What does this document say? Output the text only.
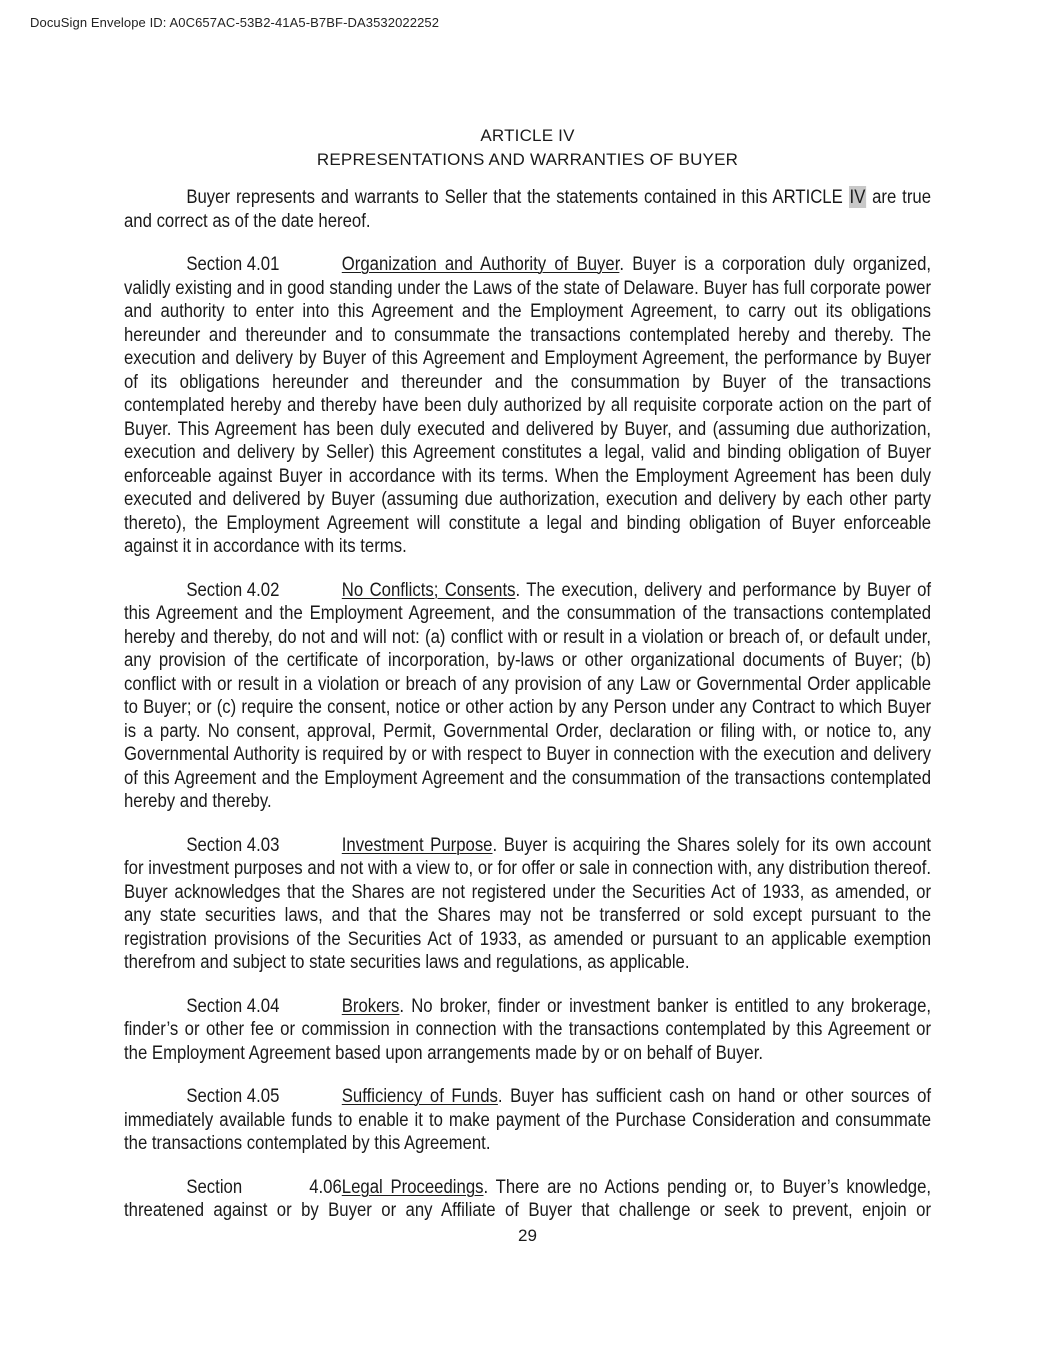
DocuSign Envelope ID: A0C657AC-53B2-41A5-B7BF-DA3532022252
ARTICLE IV
REPRESENTATIONS AND WARRANTIES OF BUYER

Buyer represents and warrants to Seller that the statements contained in this ARTICLE IV are true and correct as of the date hereof.

Section 4.01	Organization and Authority of Buyer. Buyer is a corporation duly organized, validly existing and in good standing under the Laws of the state of Delaware. Buyer has full corporate power and authority to enter into this Agreement and the Employment Agreement, to carry out its obligations hereunder and thereunder and to consummate the transactions contemplated hereby and thereby. The execution and delivery by Buyer of this Agreement and Employment Agreement, the performance by Buyer of its obligations hereunder and thereunder and the consummation by Buyer of the transactions contemplated hereby and thereby have been duly authorized by all requisite corporate action on the part of Buyer. This Agreement has been duly executed and delivered by Buyer, and (assuming due authorization, execution and delivery by Seller) this Agreement constitutes a legal, valid and binding obligation of Buyer enforceable against Buyer in accordance with its terms. When the Employment Agreement has been duly executed and delivered by Buyer (assuming due authorization, execution and delivery by each other party thereto), the Employment Agreement will constitute a legal and binding obligation of Buyer enforceable against it in accordance with its terms.

Section 4.02	No Conflicts; Consents. The execution, delivery and performance by Buyer of this Agreement and the Employment Agreement, and the consummation of the transactions contemplated hereby and thereby, do not and will not: (a) conflict with or result in a violation or breach of, or default under, any provision of the certificate of incorporation, by-laws or other organizational documents of Buyer; (b) conflict with or result in a violation or breach of any provision of any Law or Governmental Order applicable to Buyer; or (c) require the consent, notice or other action by any Person under any Contract to which Buyer is a party. No consent, approval, Permit, Governmental Order, declaration or filing with, or notice to, any Governmental Authority is required by or with respect to Buyer in connection with the execution and delivery of this Agreement and the Employment Agreement and the consummation of the transactions contemplated hereby and thereby.

Section 4.03	Investment Purpose. Buyer is acquiring the Shares solely for its own account for investment purposes and not with a view to, or for offer or sale in connection with, any distribution thereof. Buyer acknowledges that the Shares are not registered under the Securities Act of 1933, as amended, or any state securities laws, and that the Shares may not be transferred or sold except pursuant to the registration provisions of the Securities Act of 1933, as amended or pursuant to an applicable exemption therefrom and subject to state securities laws and regulations, as applicable.

Section 4.04	Brokers. No broker, finder or investment banker is entitled to any brokerage, finder’s or other fee or commission in connection with the transactions contemplated by this Agreement or the Employment Agreement based upon arrangements made by or on behalf of Buyer.

Section 4.05	Sufficiency of Funds. Buyer has sufficient cash on hand or other sources of immediately available funds to enable it to make payment of the Purchase Consideration and consummate the transactions contemplated by this Agreement.

Section 4.06Legal Proceedings. There are no Actions pending or, to Buyer’s knowledge, threatened against or by Buyer or any Affiliate of Buyer that challenge or seek to prevent, enjoin or

29
